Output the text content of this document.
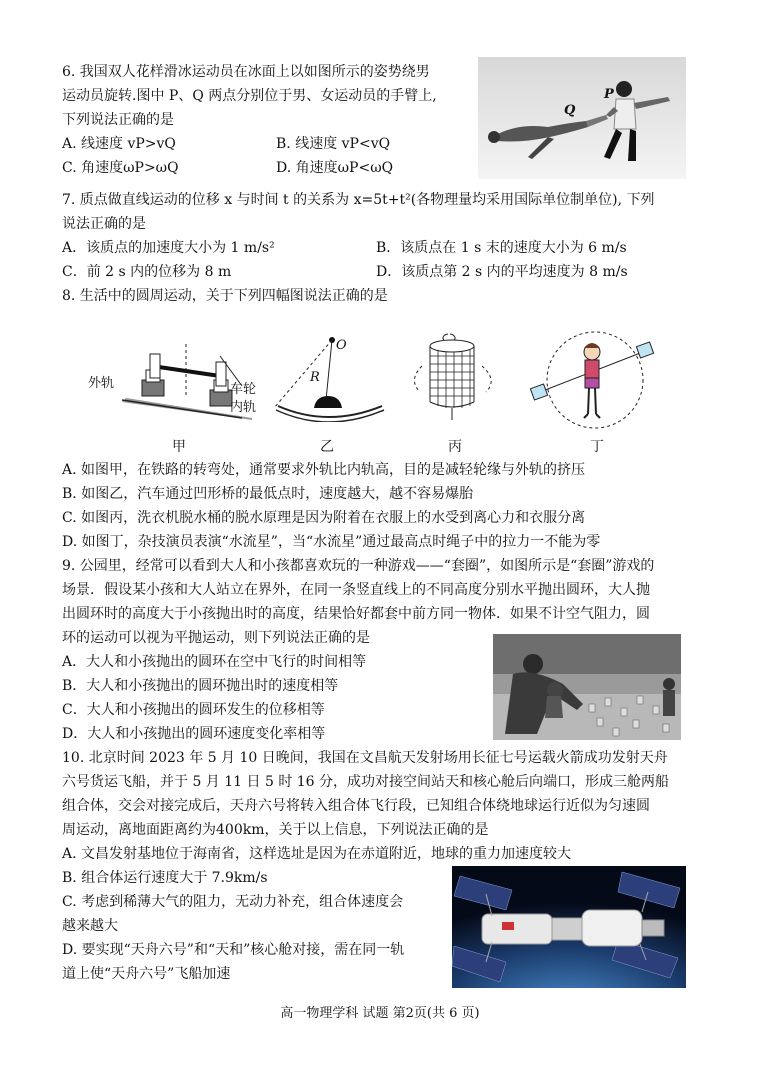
6. 我国双人花样滑冰运动员在冰面上以如图所示的姿势绕男
运动员旋转.图中 P、Q 两点分别位于男、女运动员的手臂上,
下列说法正确的是
A. 线速度 vP>vQ	B. 线速度 vP<vQ
C. 角速度ωP>ωQ	D. 角速度ωP<ωQ
Q
P
7. 质点做直线运动的位移 x 与时间 t 的关系为 x=5t+t²(各物理量均采用国际单位制单位), 下列
说法正确的是
A．该质点的加速度大小为 1 m/s²	B．该质点在 1 s 末的速度大小为 6 m/s
C．前 2 s 内的位移为 8 m	D．该质点第 2 s 内的平均速度为 8 m/s
8. 生活中的圆周运动，关于下列四幅图说法正确的是
外轨	车轮
内轨
O
R
甲	乙	丙	丁
A. 如图甲，在铁路的转弯处，通常要求外轨比内轨高，目的是减轻轮缘与外轨的挤压
B. 如图乙，汽车通过凹形桥的最低点时，速度越大，越不容易爆胎
C. 如图丙，洗衣机脱水桶的脱水原理是因为附着在衣服上的水受到离心力和衣服分离
D. 如图丁，杂技演员表演“水流星”，当“水流星”通过最高点时绳子中的拉力一不能为零
9. 公园里，经常可以看到大人和小孩都喜欢玩的一种游戏——“套圈”，如图所示是“套圈”游戏的
场景．假设某小孩和大人站立在界外，在同一条竖直线上的不同高度分别水平抛出圆环，大人抛
出圆环时的高度大于小孩抛出时的高度，结果恰好都套中前方同一物体．如果不计空气阻力，圆
环的运动可以视为平抛运动，则下列说法正确的是
A．大人和小孩抛出的圆环在空中飞行的时间相等
B．大人和小孩抛出的圆环抛出时的速度相等
C．大人和小孩抛出的圆环发生的位移相等
D．大人和小孩抛出的圆环速度变化率相等
10. 北京时间 2023 年 5 月 10 日晚间，我国在文昌航天发射场用长征七号运载火箭成功发射天舟
六号货运飞船，并于 5 月 11 日 5 时 16 分，成功对接空间站天和核心舱后向端口，形成三舱两船
组合体，交会对接完成后，天舟六号将转入组合体飞行段，已知组合体绕地球运行近似为匀速圆
周运动，离地面距离约为400km，关于以上信息，下列说法正确的是
A. 文昌发射基地位于海南省，这样选址是因为在赤道附近，地球的重力加速度较大
B. 组合体运行速度大于 7.9km/s
C. 考虑到稀薄大气的阻力，无动力补充，组合体速度会
越来越大
D. 要实现“天舟六号”和“天和”核心舱对接，需在同一轨
道上使“天舟六号”飞船加速
高一物理学科 试题 第2页(共 6 页)
